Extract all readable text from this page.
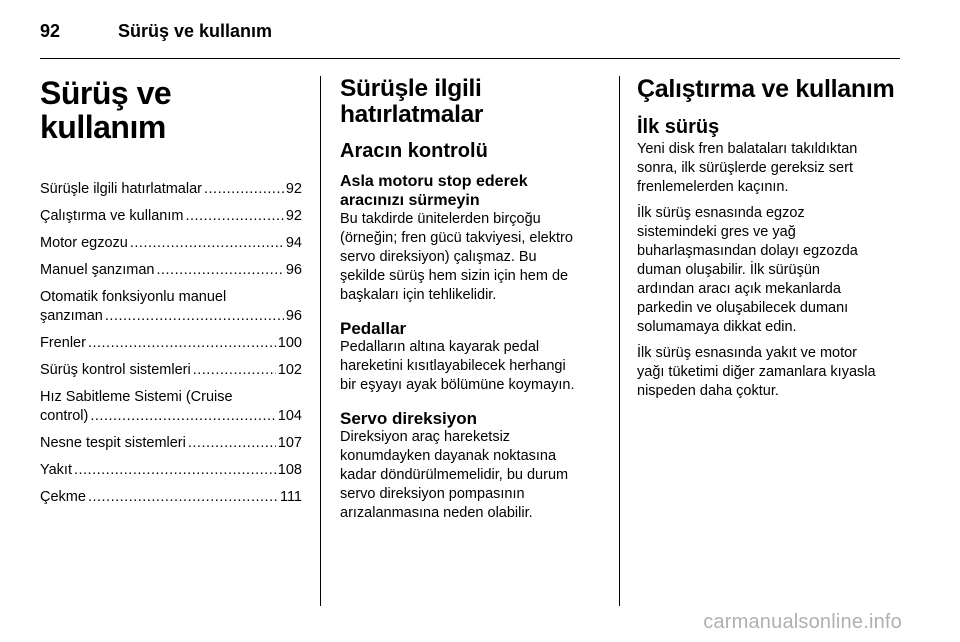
92	Sürüş ve kullanım
Sürüş ve kullanım
Sürüşle ilgili hatırlatmalar .....	92
Çalıştırma ve kullanım .....	92
Motor egzozu .....	94
Manuel şanzıman .....	96
Otomatik fonksiyonlu manuel
şanzıman .....	96
Frenler .....	100
Sürüş kontrol sistemleri .....	102
Hız Sabitleme Sistemi (Cruise
control) .....	104
Nesne tespit sistemleri .....	107
Yakıt .....	108
Çekme .....	111
Sürüşle ilgili
hatırlatmalar
Aracın kontrolü
Asla motoru stop ederek
aracınızı sürmeyin

Bu takdirde ünitelerden birçoğu
(örneğin; fren gücü takviyesi, elektro
servo direksiyon) çalışmaz. Bu
şekilde sürüş hem sizin için hem de
başkaları için tehlikelidir.

Pedallar

Pedalların altına kayarak pedal
hareketini kısıtlayabilecek herhangi
bir eşyayı ayak bölümüne koymayın.

Servo direksiyon

Direksiyon araç hareketsiz
konumdayken dayanak noktasına
kadar döndürülmemelidir, bu durum
servo direksiyon pompasının
arızalanmasına neden olabilir.

Çalıştırma ve kullanım
İlk sürüş

Yeni disk fren balataları takıldıktan
sonra, ilk sürüşlerde gereksiz sert
frenlemelerden kaçının.

İlk sürüş esnasında egzoz
sistemindeki gres ve yağ
buharlaşmasından dolayı egzozda
duman oluşabilir. İlk sürüşün
ardından aracı açık mekanlarda
parkedin ve oluşabilecek dumanı
solumamaya dikkat edin.

İlk sürüş esnasında yakıt ve motor
yağı tüketimi diğer zamanlara kıyasla
nispeden daha çoktur.

carmanualsonline.info
